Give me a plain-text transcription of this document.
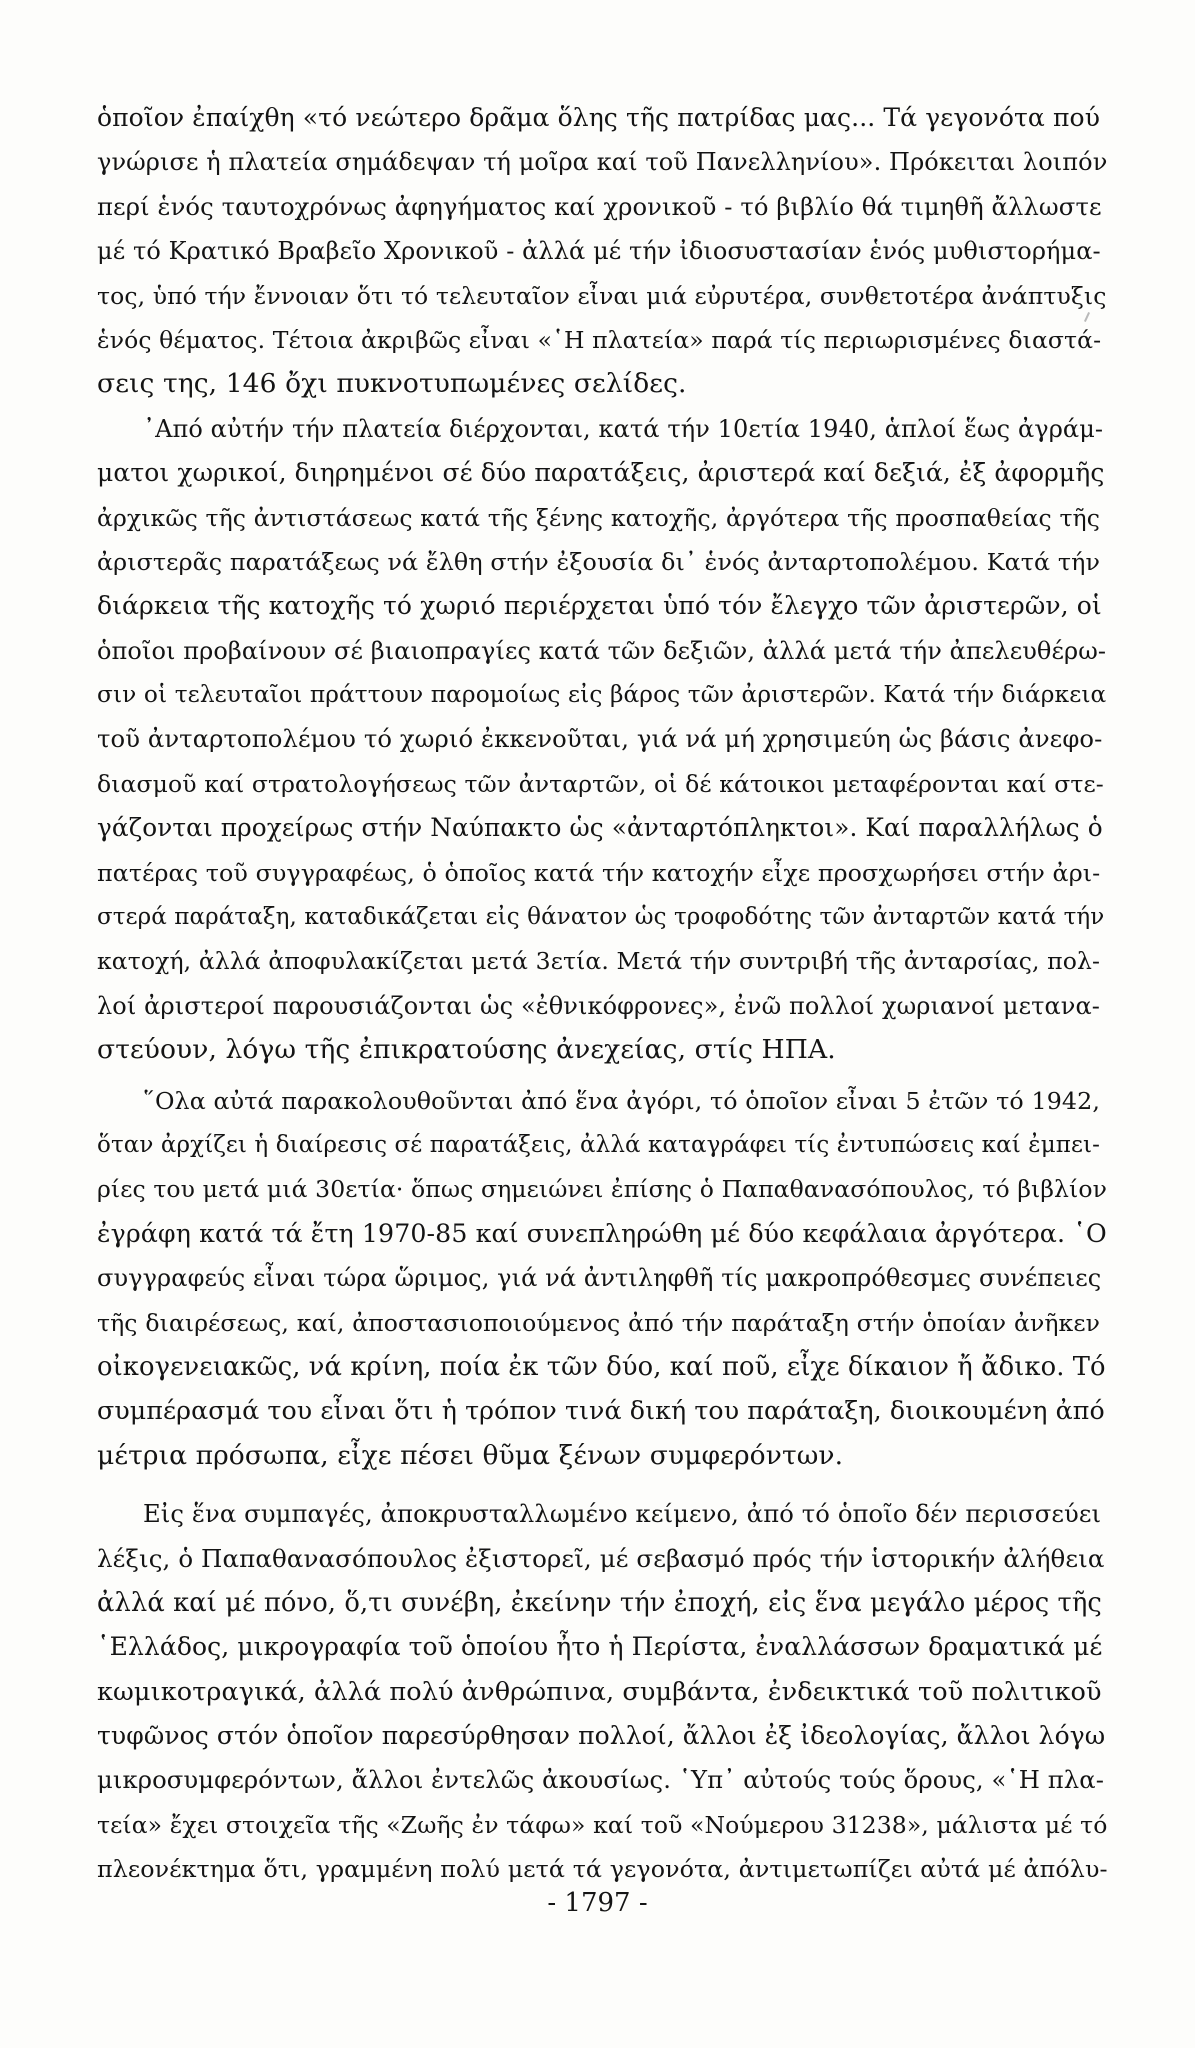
ὁποῖον ἐπαίχθη «τό νεώτερο δρᾶμα ὅλης τῆς πατρίδας μας... Τά γεγονότα πού
γνώρισε ἡ πλατεία σημάδεψαν τή μοῖρα καί τοῦ Πανελληνίου». Πρόκειται λοιπόν
περί ἑνός ταυτοχρόνως ἀφηγήματος καί χρονικοῦ - τό βιβλίο θά τιμηθῆ ἄλλωστε
μέ τό Κρατικό Βραβεῖο Χρονικοῦ - ἀλλά μέ τήν ἰδιοσυστασίαν ἑνός μυθιστορήμα-
τος, ὑπό τήν ἔννοιαν ὅτι τό τελευταῖον εἶναι μιά εὐρυτέρα, συνθετοτέρα ἀνάπτυξις
ἑνός θέματος. Τέτοια ἀκριβῶς εἶναι «῾Η πλατεία» παρά τίς περιωρισμένες διαστά-
σεις της, 146 ὄχι πυκνοτυπωμένες σελίδες.
᾿Από αὐτήν τήν πλατεία διέρχονται, κατά τήν 10ετία 1940, ἁπλοί ἕως ἀγράμ-
ματοι χωρικοί, διηρημένοι σέ δύο παρατάξεις, ἀριστερά καί δεξιά, ἐξ ἀφορμῆς
ἀρχικῶς τῆς ἀντιστάσεως κατά τῆς ξένης κατοχῆς, ἀργότερα τῆς προσπαθείας τῆς
ἀριστερᾶς παρατάξεως νά ἔλθη στήν ἐξουσία δι᾿ ἑνός ἀνταρτοπολέμου. Κατά τήν
διάρκεια τῆς κατοχῆς τό χωριό περιέρχεται ὑπό τόν ἔλεγχο τῶν ἀριστερῶν, οἱ
ὁποῖοι προβαίνουν σέ βιαιοπραγίες κατά τῶν δεξιῶν, ἀλλά μετά τήν ἀπελευθέρω-
σιν οἱ τελευταῖοι πράττουν παρομοίως εἰς βάρος τῶν ἀριστερῶν. Κατά τήν διάρκεια
τοῦ ἀνταρτοπολέμου τό χωριό ἐκκενοῦται, γιά νά μή χρησιμεύη ὡς βάσις ἀνεφο-
διασμοῦ καί στρατολογήσεως τῶν ἀνταρτῶν, οἱ δέ κάτοικοι μεταφέρονται καί στε-
γάζονται προχείρως στήν Ναύπακτο ὡς «ἀνταρτόπληκτοι». Καί παραλλήλως ὁ
πατέρας τοῦ συγγραφέως, ὁ ὁποῖος κατά τήν κατοχήν εἶχε προσχωρήσει στήν ἀρι-
στερά παράταξη, καταδικάζεται εἰς θάνατον ὡς τροφοδότης τῶν ἀνταρτῶν κατά τήν
κατοχή, ἀλλά ἀποφυλακίζεται μετά 3ετία. Μετά τήν συντριβή τῆς ἀνταρσίας, πολ-
λοί ἀριστεροί παρουσιάζονται ὡς «ἐθνικόφρονες», ἐνῶ πολλοί χωριανοί μετανα-
στεύουν, λόγω τῆς ἐπικρατούσης ἀνεχείας, στίς ΗΠΑ.
῞Ολα αὐτά παρακολουθοῦνται ἀπό ἕνα ἀγόρι, τό ὁποῖον εἶναι 5 ἐτῶν τό 1942,
ὅταν ἀρχίζει ἡ διαίρεσις σέ παρατάξεις, ἀλλά καταγράφει τίς ἐντυπώσεις καί ἐμπει-
ρίες του μετά μιά 30ετία· ὅπως σημειώνει ἐπίσης ὁ Παπαθανασόπουλος, τό βιβλίον
ἐγράφη κατά τά ἔτη 1970-85 καί συνεπληρώθη μέ δύο κεφάλαια ἀργότερα. ῾Ο
συγγραφεύς εἶναι τώρα ὥριμος, γιά νά ἀντιληφθῆ τίς μακροπρόθεσμες συνέπειες
τῆς διαιρέσεως, καί, ἀποστασιοποιούμενος ἀπό τήν παράταξη στήν ὁποίαν ἀνῆκεν
οἰκογενειακῶς, νά κρίνη, ποία ἐκ τῶν δύο, καί ποῦ, εἶχε δίκαιον ἤ ἄδικο. Τό
συμπέρασμά του εἶναι ὅτι ἡ τρόπον τινά δική του παράταξη, διοικουμένη ἀπό
μέτρια πρόσωπα, εἶχε πέσει θῦμα ξένων συμφερόντων.
Εἰς ἕνα συμπαγές, ἀποκρυσταλλωμένο κείμενο, ἀπό τό ὁποῖο δέν περισσεύει
λέξις, ὁ Παπαθανασόπουλος ἐξιστορεῖ, μέ σεβασμό πρός τήν ἱστορικήν ἀλήθεια
ἀλλά καί μέ πόνο, ὅ,τι συνέβη, ἐκείνην τήν ἐποχή, εἰς ἕνα μεγάλο μέρος τῆς
῾Ελλάδος, μικρογραφία τοῦ ὁποίου ἦτο ἡ Περίστα, ἐναλλάσσων δραματικά μέ
κωμικοτραγικά, ἀλλά πολύ ἀνθρώπινα, συμβάντα, ἐνδεικτικά τοῦ πολιτικοῦ
τυφῶνος στόν ὁποῖον παρεσύρθησαν πολλοί, ἄλλοι ἐξ ἰδεολογίας, ἄλλοι λόγω
μικροσυμφερόντων, ἄλλοι ἐντελῶς ἀκουσίως. ῾Υπ᾿ αὐτούς τούς ὅρους, «῾Η πλα-
τεία» ἔχει στοιχεῖα τῆς «Ζωῆς ἐν τάφω» καί τοῦ «Νούμερου 31238», μάλιστα μέ τό
πλεονέκτημα ὅτι, γραμμένη πολύ μετά τά γεγονότα, ἀντιμετωπίζει αὐτά μέ ἀπόλυ-
- 1797 -
